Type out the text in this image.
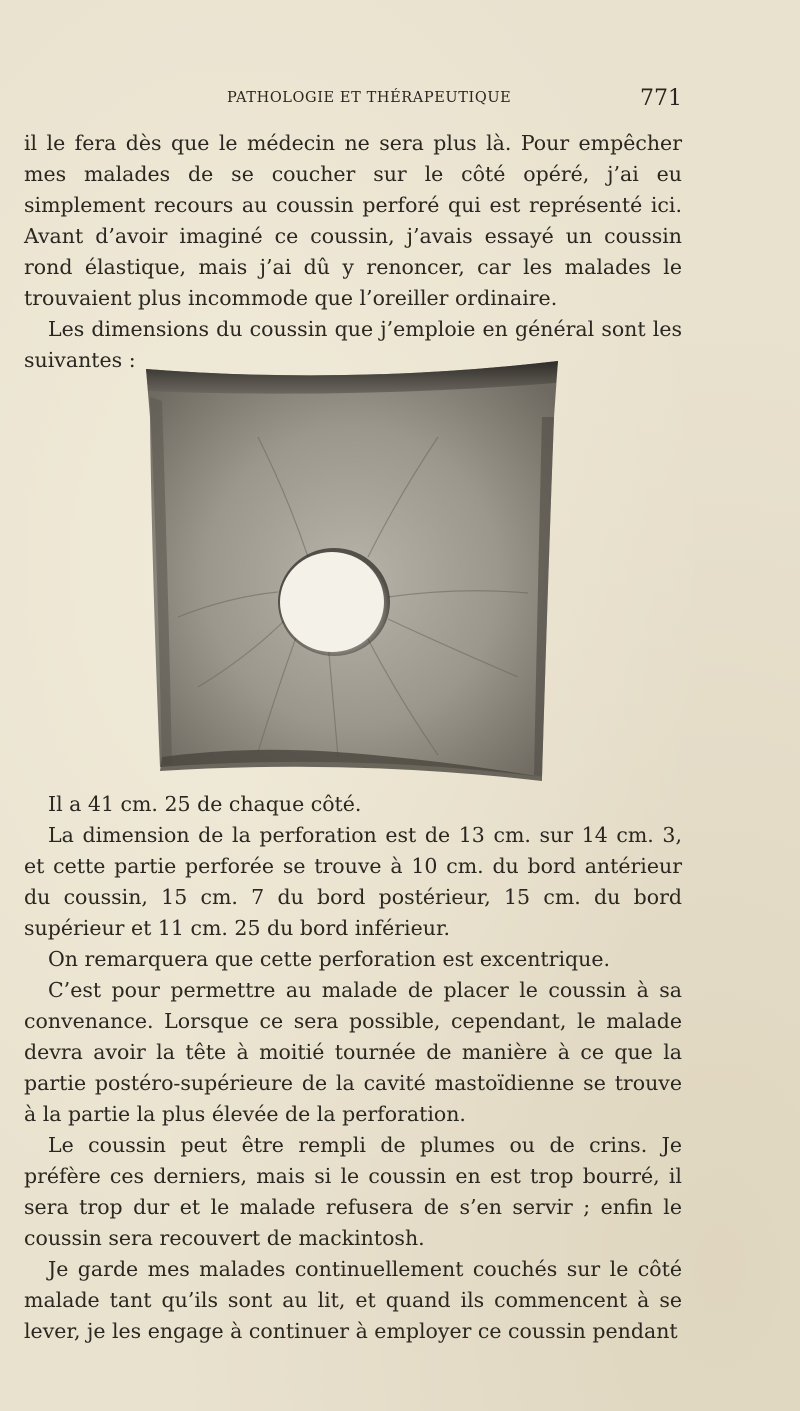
PATHOLOGIE ET THÉRAPEUTIQUE	771

il le fera dès que le médecin ne sera plus là. Pour empêcher mes malades de se coucher sur le côté opéré, j’ai eu simplement recours au coussin perforé qui est représenté ici. Avant d’avoir imaginé ce coussin, j’avais essayé un coussin rond élastique, mais j’ai dû y renoncer, car les malades le trouvaient plus incommode que l’oreiller ordinaire.

Les dimensions du coussin que j’emploie en général sont les suivantes :

Il a 41 cm. 25 de chaque côté.

La dimension de la perforation est de 13 cm. sur 14 cm. 3, et cette partie perforée se trouve à 10 cm. du bord antérieur du coussin, 15 cm. 7 du bord postérieur, 15 cm. du bord supérieur et 11 cm. 25 du bord inférieur.

On remarquera que cette perforation est excentrique.

C’est pour permettre au malade de placer le coussin à sa convenance. Lorsque ce sera possible, cependant, le malade devra avoir la tête à moitié tournée de manière à ce que la partie postéro-supérieure de la cavité mastoïdienne se trouve à la partie la plus élevée de la perforation.

Le coussin peut être rempli de plumes ou de crins. Je préfère ces derniers, mais si le coussin en est trop bourré, il sera trop dur et le malade refusera de s’en servir ; enfin le coussin sera recouvert de mackintosh.

Je garde mes malades continuellement couchés sur le côté malade tant qu’ils sont au lit, et quand ils commencent à se lever, je les engage à continuer à employer ce coussin pendant
